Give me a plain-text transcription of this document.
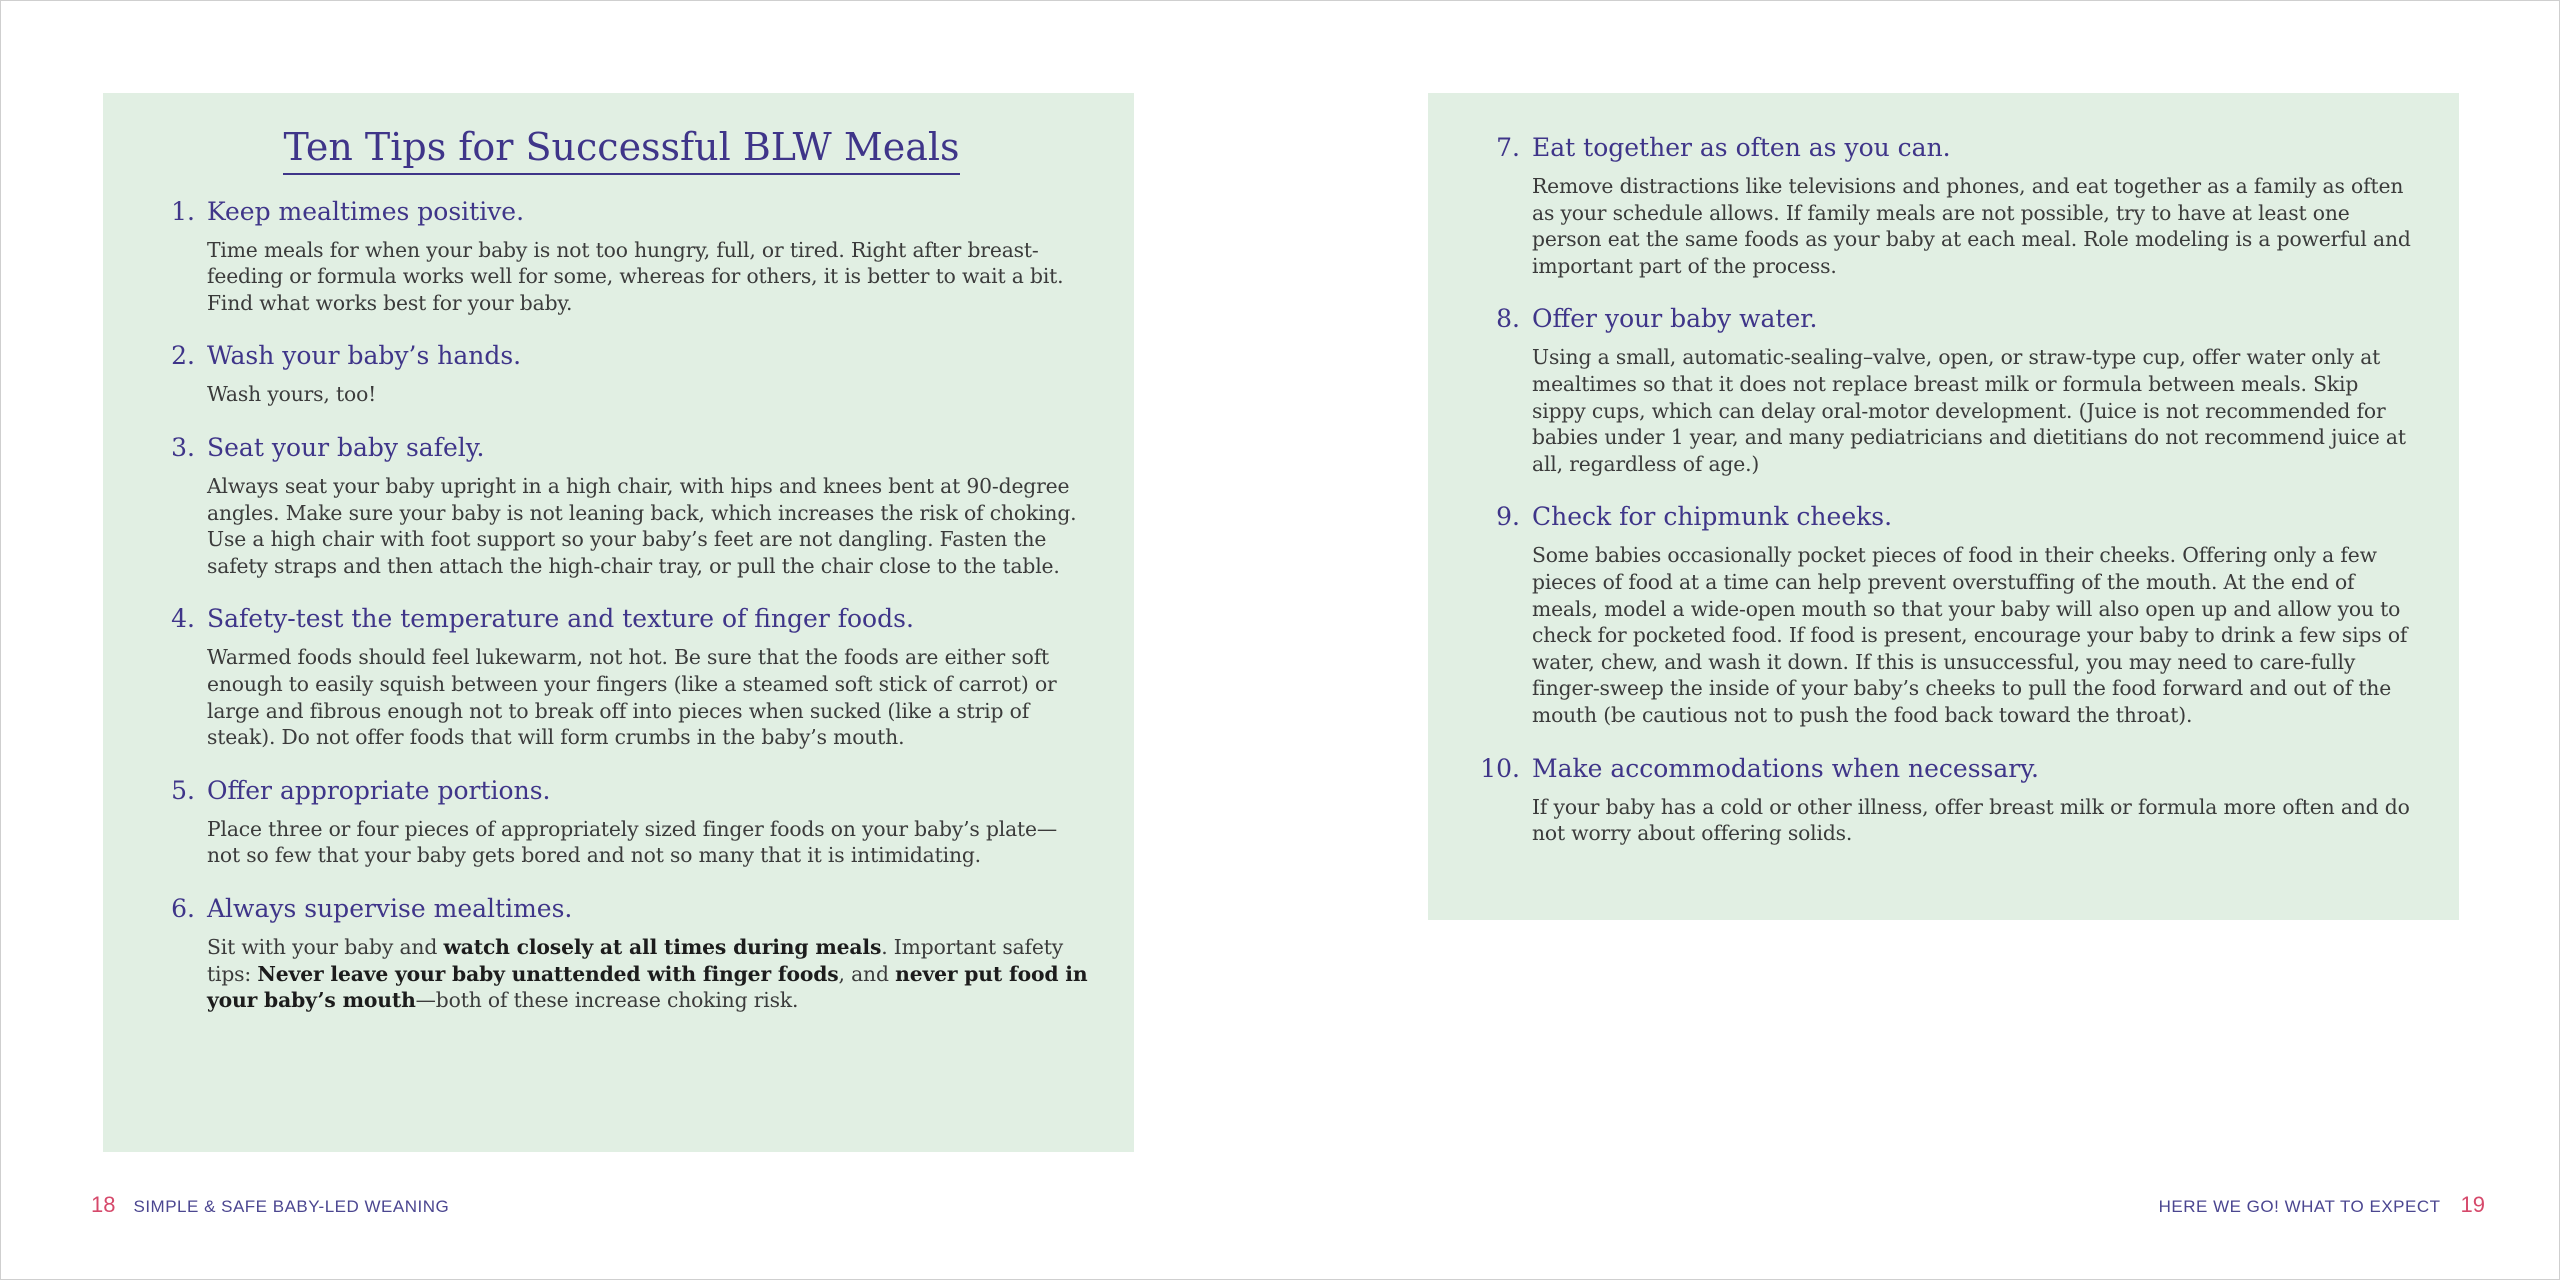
Ten Tips for Successful BLW Meals
1. Keep mealtimes positive.
Time meals for when your baby is not too hungry, full, or tired. Right after breast-feeding or formula works well for some, whereas for others, it is better to wait a bit. Find what works best for your baby.
2. Wash your baby’s hands.
Wash yours, too!
3. Seat your baby safely.
Always seat your baby upright in a high chair, with hips and knees bent at 90-degree angles. Make sure your baby is not leaning back, which increases the risk of choking. Use a high chair with foot support so your baby’s feet are not dangling. Fasten the safety straps and then attach the high-chair tray, or pull the chair close to the table.
4. Safety-test the temperature and texture of finger foods.
Warmed foods should feel lukewarm, not hot. Be sure that the foods are either soft enough to easily squish between your fingers (like a steamed soft stick of carrot) or large and fibrous enough not to break off into pieces when sucked (like a strip of steak). Do not offer foods that will form crumbs in the baby’s mouth.
5. Offer appropriate portions.
Place three or four pieces of appropriately sized finger foods on your baby’s plate—not so few that your baby gets bored and not so many that it is intimidating.
6. Always supervise mealtimes.
Sit with your baby and watch closely at all times during meals. Important safety tips: Never leave your baby unattended with finger foods, and never put food in your baby’s mouth—both of these increase choking risk.
7. Eat together as often as you can.
Remove distractions like televisions and phones, and eat together as a family as often as your schedule allows. If family meals are not possible, try to have at least one person eat the same foods as your baby at each meal. Role modeling is a powerful and important part of the process.
8. Offer your baby water.
Using a small, automatic-sealing–valve, open, or straw-type cup, offer water only at mealtimes so that it does not replace breast milk or formula between meals. Skip sippy cups, which can delay oral-motor development. (Juice is not recommended for babies under 1 year, and many pediatricians and dietitians do not recommend juice at all, regardless of age.)
9. Check for chipmunk cheeks.
Some babies occasionally pocket pieces of food in their cheeks. Offering only a few pieces of food at a time can help prevent overstuffing of the mouth. At the end of meals, model a wide-open mouth so that your baby will also open up and allow you to check for pocketed food. If food is present, encourage your baby to drink a few sips of water, chew, and wash it down. If this is unsuccessful, you may need to care-fully finger-sweep the inside of your baby’s cheeks to pull the food forward and out of the mouth (be cautious not to push the food back toward the throat).
10. Make accommodations when necessary.
If your baby has a cold or other illness, offer breast milk or formula more often and do not worry about offering solids.
18 SIMPLE & SAFE BABY-LED WEANING	HERE WE GO! WHAT TO EXPECT 19
